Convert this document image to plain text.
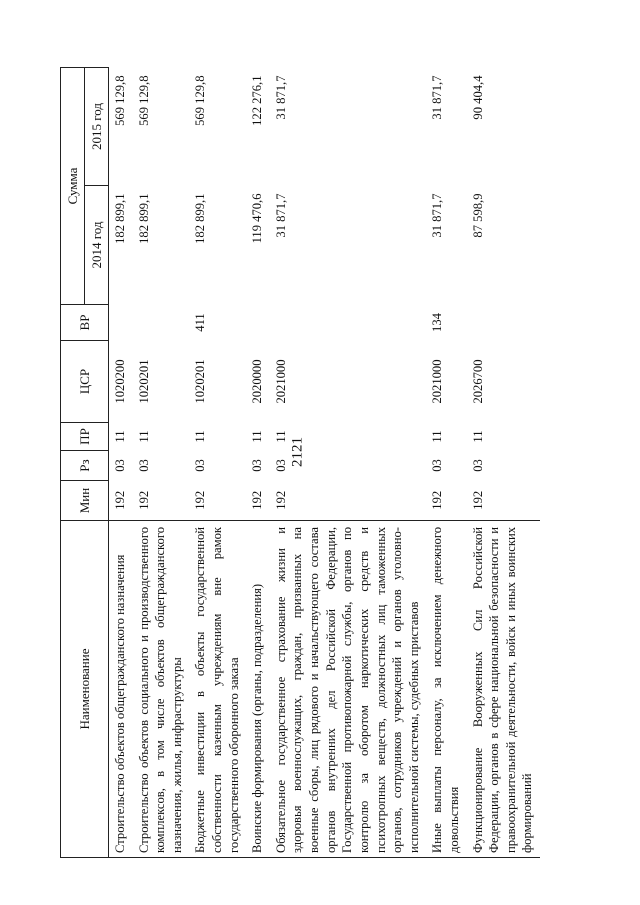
2121
Наименование	Мин	Рз	ПР	ЦСР	ВР	Сумма	
						2014 год	2015 год
Строительство объектов общегражданского назначения	192	03	11	1020200		182 899,1	569 129,8
Строительство объектов социального и производственного комплексов, в том числе объектов общегражданского назначения, жилья, инфраструктуры	192	03	11	1020201		182 899,1	569 129,8
Бюджетные инвестиции в объекты государственной собственности казенным учреждениям вне рамок государственного оборонного заказа	192	03	11	1020201	411	182 899,1	569 129,8
Воинские формирования (органы, подразделения)	192	03	11	2020000		119 470,6	122 276,1
Обязательное государственное страхование жизни и здоровья военнослужащих, граждан, призванных на военные сборы, лиц рядового и начальствующего состава органов внутренних дел Российской Федерации, Государственной противопожарной службы, органов по контролю за оборотом наркотических средств и психотропных веществ, должностных лиц таможенных органов, сотрудников учреждений и органов уголовно-исполнительной системы, судебных приставов	192	03	11	2021000		31 871,7	31 871,7
Иные выплаты персоналу, за исключением денежного довольствия	192	03	11	2021000	134	31 871,7	31 871,7
Функционирование Вооруженных Сил Российской Федерации, органов в сфере национальной безопасности и правоохранительной деятельности, войск и иных воинских формирований	192	03	11	2026700		87 598,9	90 404,4
